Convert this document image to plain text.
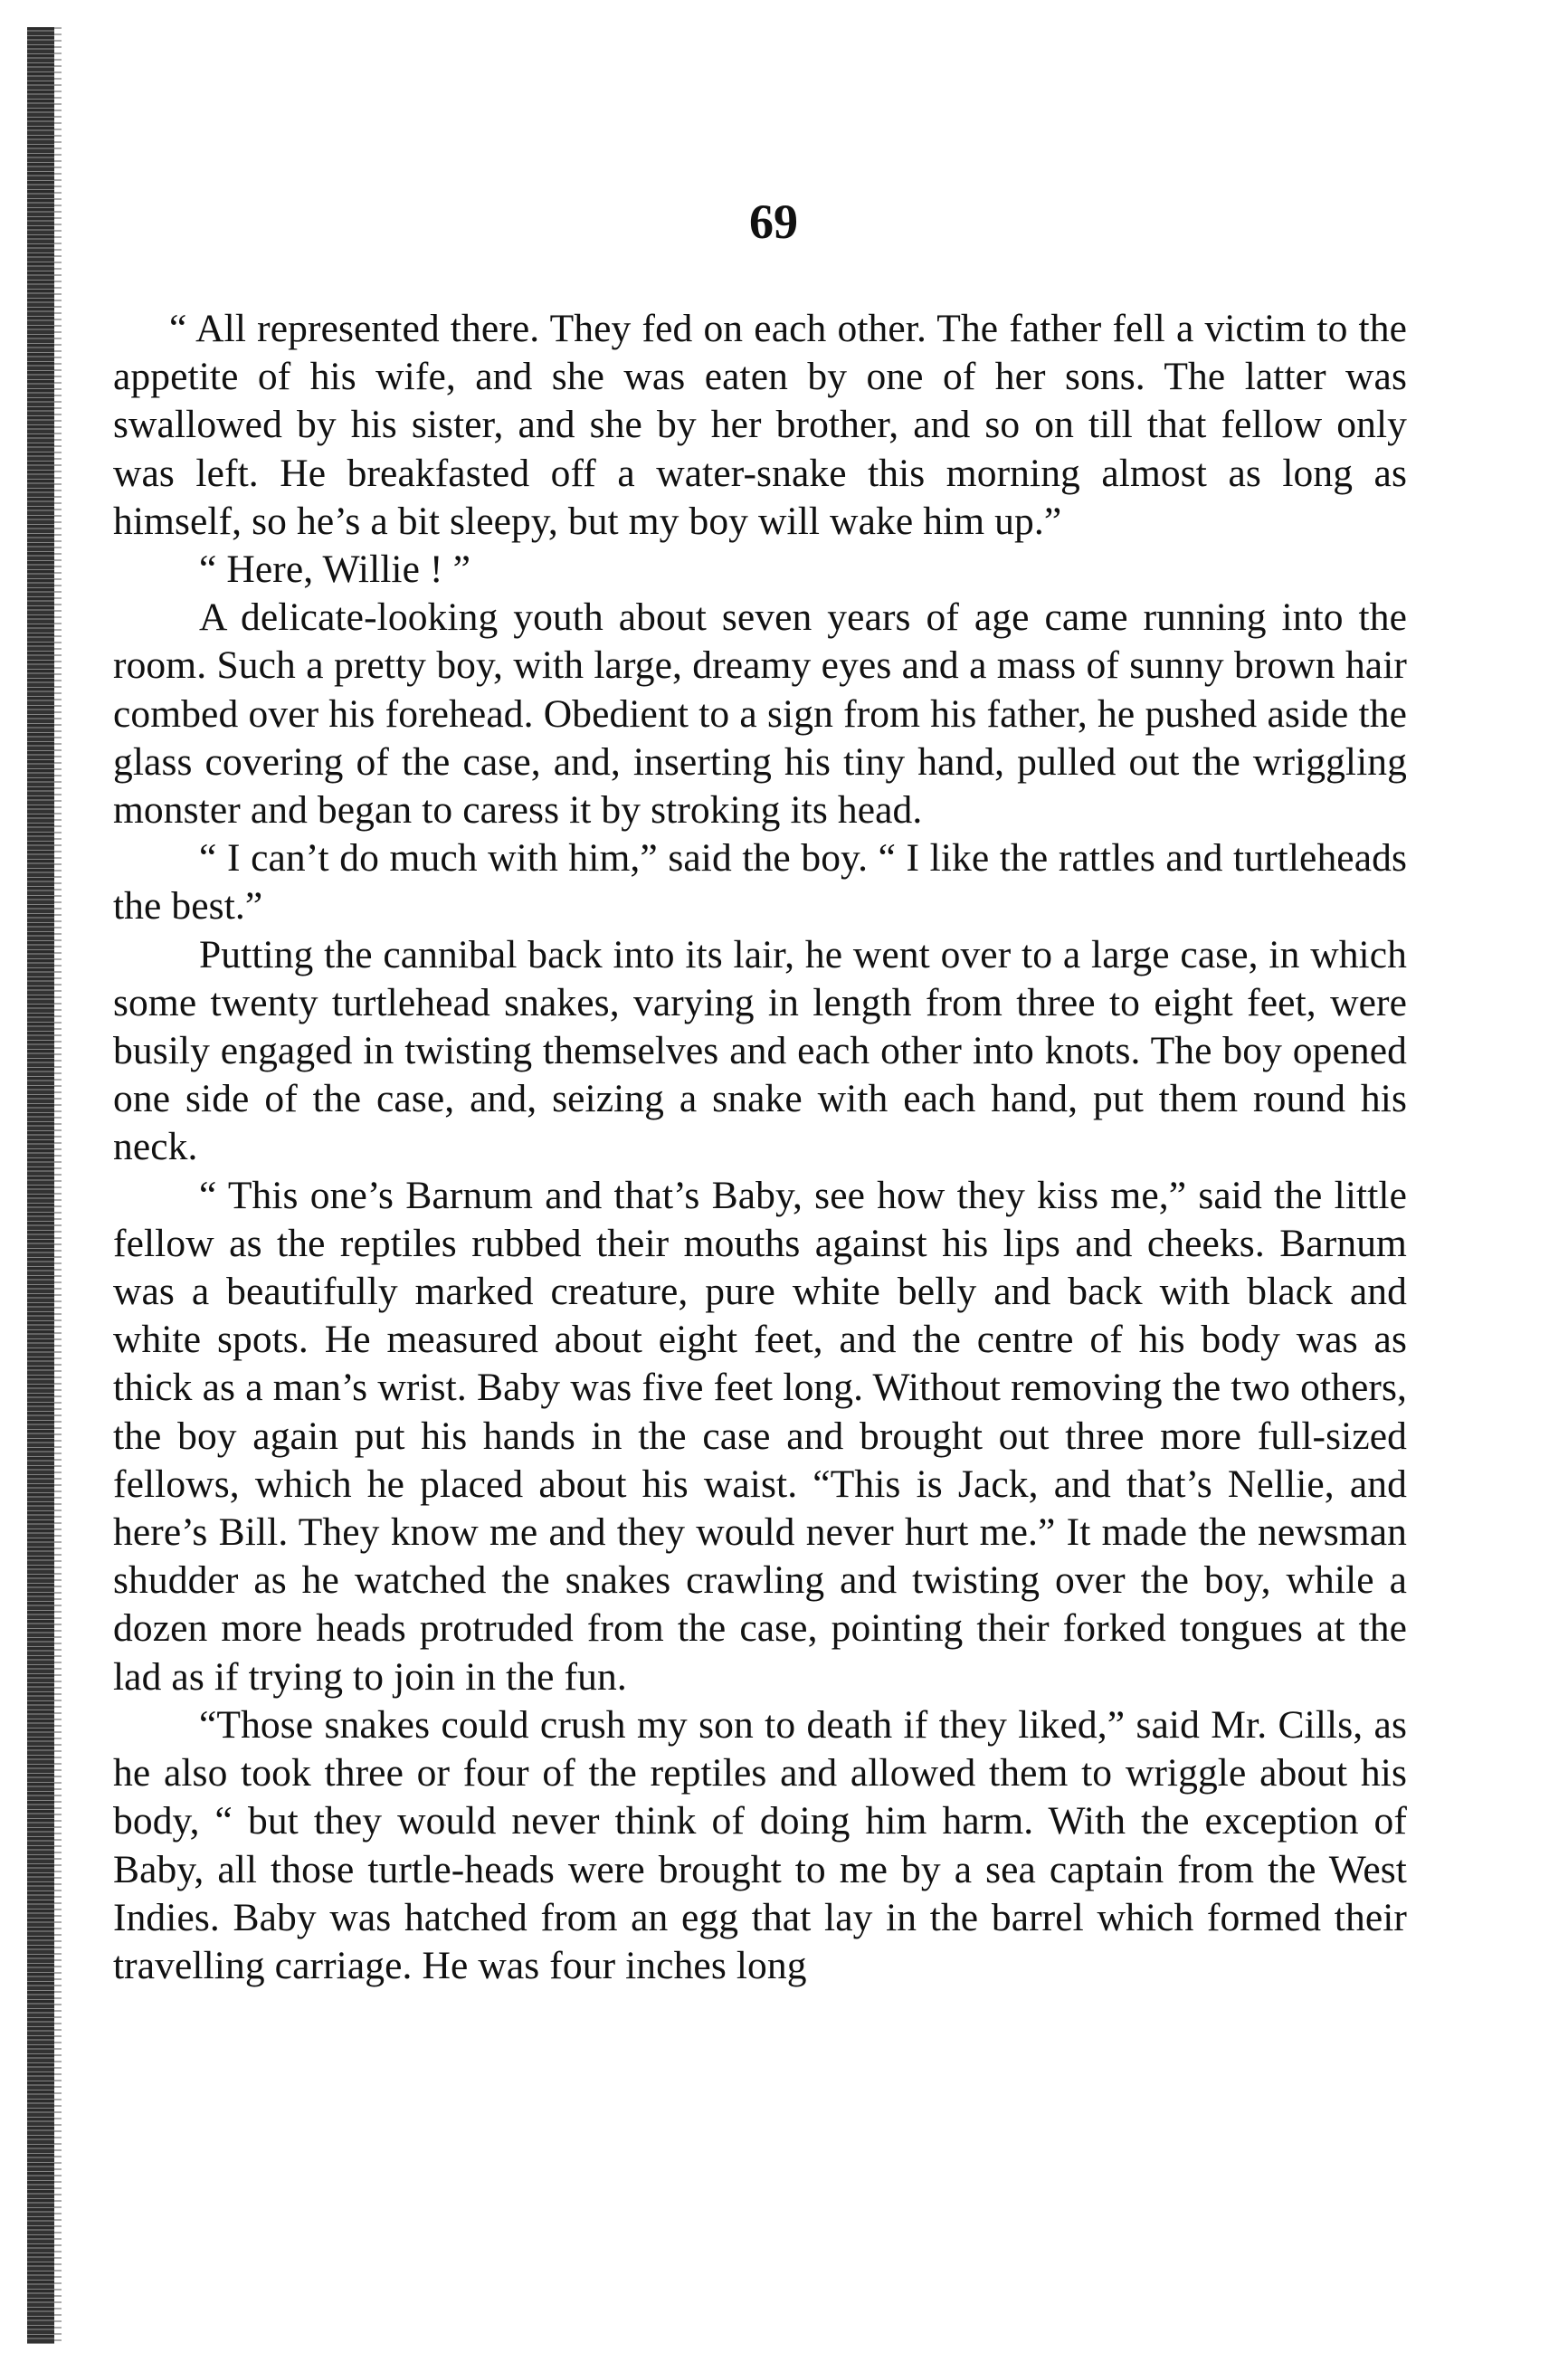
69

“ All represented there. They fed on each other. The father fell a victim to the appetite of his wife, and she was eaten by one of her sons. The latter was swallowed by his sister, and she by her brother, and so on till that fellow only was left. He breakfasted off a water-snake this morning almost as long as himself, so he’s a bit sleepy, but my boy will wake him up.”

“ Here, Willie ! ”

A delicate-looking youth about seven years of age came running into the room. Such a pretty boy, with large, dreamy eyes and a mass of sunny brown hair combed over his forehead. Obedient to a sign from his father, he pushed aside the glass covering of the case, and, inserting his tiny hand, pulled out the wriggling monster and began to caress it by stroking its head.

“ I can’t do much with him,” said the boy. “ I like the rattles and turtleheads the best.”

Putting the cannibal back into its lair, he went over to a large case, in which some twenty turtlehead snakes, varying in length from three to eight feet, were busily engaged in twisting themselves and each other into knots. The boy opened one side of the case, and, seizing a snake with each hand, put them round his neck.

“ This one’s Barnum and that’s Baby, see how they kiss me,” said the little fellow as the reptiles rubbed their mouths against his lips and cheeks. Barnum was a beautifully marked creature, pure white belly and back with black and white spots. He measured about eight feet, and the centre of his body was as thick as a man’s wrist. Baby was five feet long. Without removing the two others, the boy again put his hands in the case and brought out three more full-sized fellows, which he placed about his waist. “This is Jack, and that’s Nellie, and here’s Bill. They know me and they would never hurt me.” It made the newsman shudder as he watched the snakes crawling and twisting over the boy, while a dozen more heads protruded from the case, pointing their forked tongues at the lad as if trying to join in the fun.

“Those snakes could crush my son to death if they liked,” said Mr. Cills, as he also took three or four of the reptiles and allowed them to wriggle about his body, “ but they would never think of doing him harm. With the exception of Baby, all those turtle-heads were brought to me by a sea captain from the West Indies. Baby was hatched from an egg that lay in the barrel which formed their travelling carriage. He was four inches long
